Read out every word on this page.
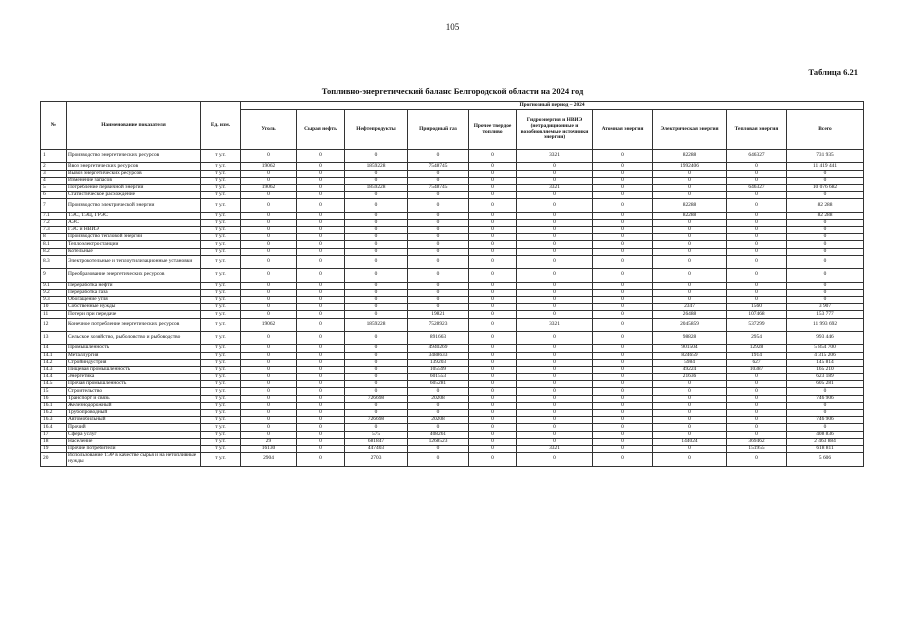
105
Таблица 6.21
Топливно-энергетический баланс Белгородской области на 2024 год
№	Наименование показателя	Ед. изм.	Прогнозный период – 2024									
			Уголь	Сырая нефть	Нефтепродукты	Природный газ	Прочее твердое топливо	Гидроэнергия и НВИЭ (нетрадиционные и возобновляемые источники энергии)	Атомная энергия	Электрическая энергия	Тепловая энергия	Всего
1	Производство энергетических ресурсов	т у.т.	0	0	0	0	0	3321	0	82288	646327	731 935
2	Ввоз энергетических ресурсов	т у.т.	19062	0	1859228	7548745	0	0	0	1992406	0	11 419 441
3	Вывоз энергетических ресурсов	т у.т.	0	0	0	0	0	0	0	0	0	0
4	Изменение запасов	т у.т.	0	0	0	0	0	0	0	0	0	0
5	Потребление первичной энергии	т у.т.	19062	0	1859228	7548745	0	3321	0	0	646327	10 076 682
6	Статистическое расхождение	т у.т.	0	0	0	0	0	0	0	0	0	0
7	Производство электрической энергии	т у.т.	0	0	0	0	0	0	0	82288	0	82 288
7.1	ТЭС, ТЭЦ, ГРЭС	т у.т.	0	0	0	0	0	0	0	82288	0	82 288
7.2	АЭС	т у.т.	0	0	0	0	0	0	0	0	0	0
7.3	ГЭС и НВИЭ	т у.т.	0	0	0	0	0	0	0	0	0	0
8	Производство тепловой энергии	т у.т.	0	0	0	0	0	0	0	0	0	0
8.1	Теплоэлектростанции	т у.т.	0	0	0	0	0	0	0	0	0	0
8.2	Котельные	т у.т.	0	0	0	0	0	0	0	0	0	0
8.3	Электрокотельные и теплоутилизационные установки	т у.т.	0	0	0	0	0	0	0	0	0	0
9	Преобразование энергетических ресурсов	т у.т.	0	0	0	0	0	0	0	0	0	0
9.1	Переработка нефти	т у.т.	0	0	0	0	0	0	0	0	0	0
9.2	Переработка газа	т у.т.	0	0	0	0	0	0	0	0	0	0
9.3	Обогащение угля	т у.т.	0	0	0	0	0	0	0	0	0	0
10	Собственные нужды	т у.т.	0	0	0	0	0	0	0	2347	1560	3 907
11	Потери при передаче	т у.т.	0	0	0	19821	0	0	0	26488	107468	153 777
12	Конечное потребление энергетических ресурсов	т у.т.	19062	0	1859228	7528923	0	3321	0	2045859	537299	11 993 692
13	Сельское хозяйство, рыболовство и рыбоводство	т у.т.	0	0	0	891663	0	0	0	98828	2954	993 446
14	Промышленность	т у.т.	0	0	0	4940269	0	0	0	901504	12928	5 854 700
14.1	Металлургия	т у.т.	0	0	0	3488633	0	0	0	824659	1914	4 315 206
14.2	Стройиндустрия	т у.т.	0	0	0	139203	0	0	0	5984	627	145 814
14.3	Пищевая промышленность	т у.т.	0	0	0	105599	0	0	0	49224	10387	165 210
14.4	Энергетика	т у.т.	0	0	0	601553	0	0	0	21636	0	623 189
14.5	Прочая промышленность	т у.т.	0	0	0	605281	0	0	0	0	0	605 281
15	Строительство	т у.т.	0	0	0	0	0	0	0	0	0	0
16	Транспорт и связь	т у.т.	0	0	726698	20208	0	0	0	0	0	746 906
16.1	Железнодорожный	т у.т.	0	0	0	0	0	0	0	0	0	0
16.2	Трубопроводный	т у.т.	0	0	0	0	0	0	0	0	0	0
16.3	Автомобильный	т у.т.	0	0	726698	20208	0	0	0	0	0	746 906
16.4	Прочий	т у.т.	0	0	0	0	0	0	0	0	0	0
17	Сфера услуг	т у.т.	0	0	575	408261	0	0	0	0	0	408 836
18	Население	т у.т.	29	0	681847	1268523	0	0	0	144024	369462	2 463 884
19	Прочие потребители	т у.т.	16130	0	447403	0	0	3321	0	0	151955	618 811
20	Использование ТЭР в качестве сырья и на нетопливные нужды	т у.т.	2904	0	2703	0	0	0	0	0	0	5 606
